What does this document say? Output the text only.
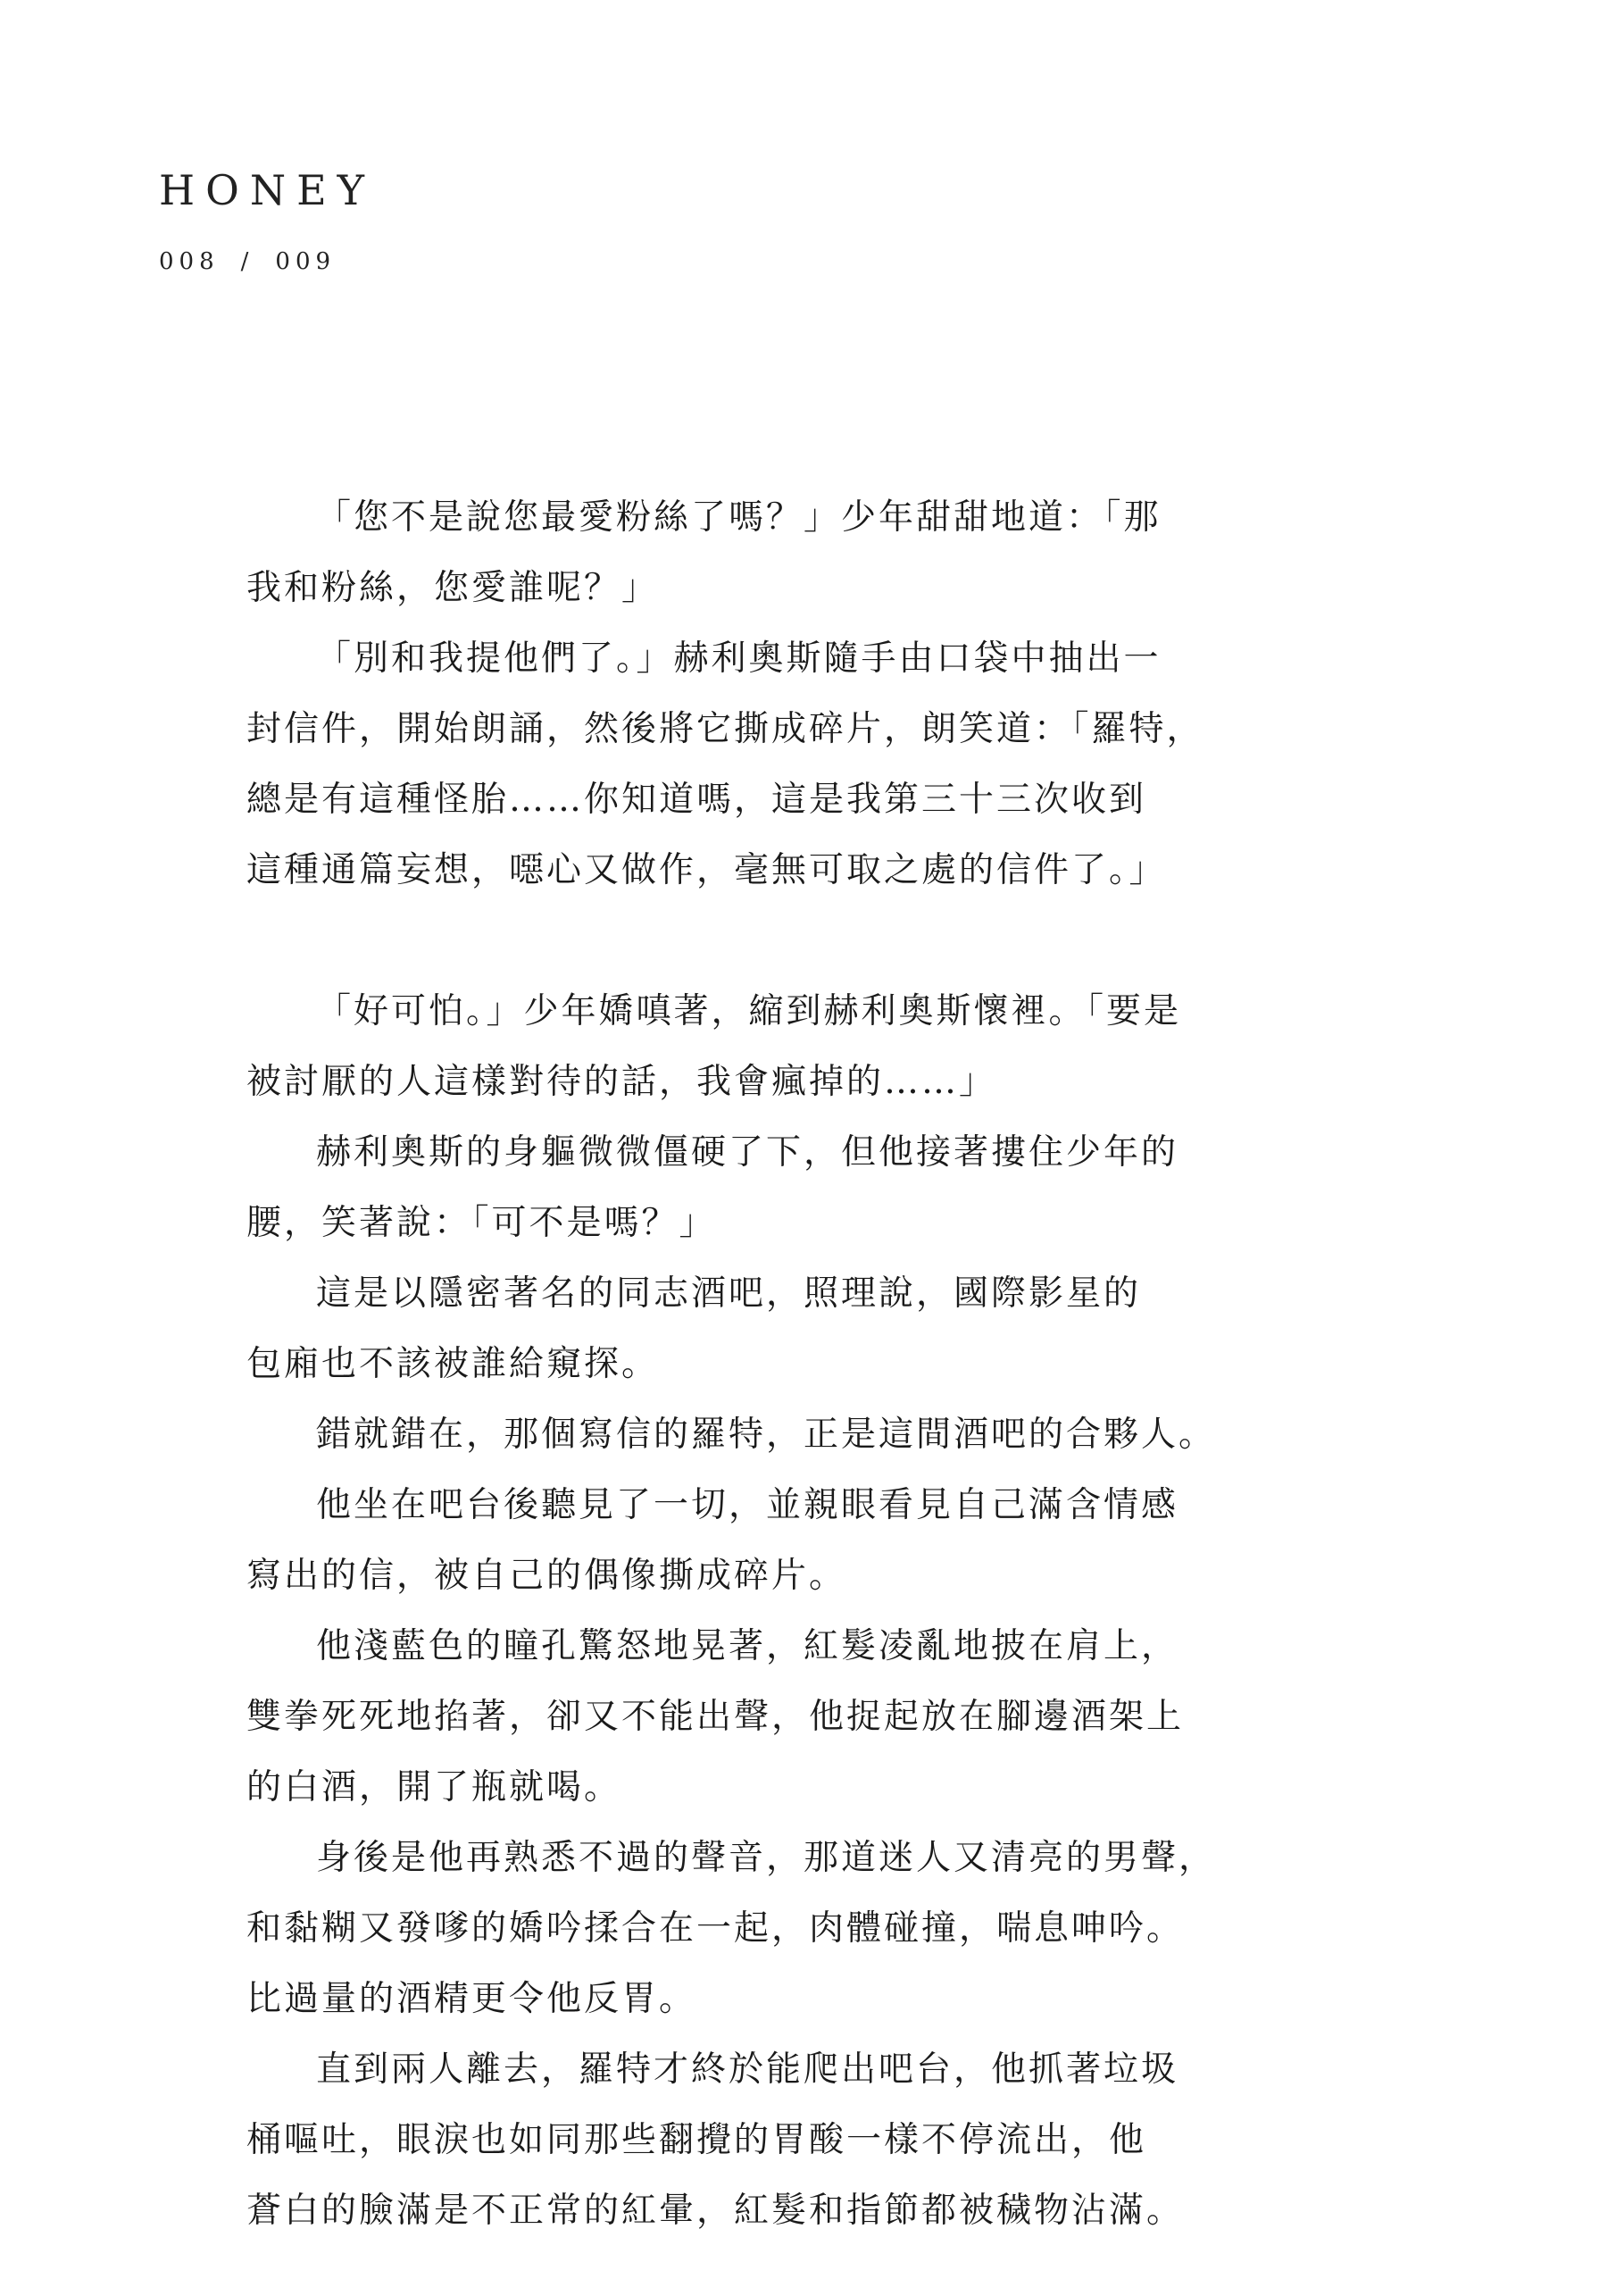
HONEY
008 / 009

「您不是說您最愛粉絲了嗎？」少年甜甜地道：「那
我和粉絲，您愛誰呢？」

「別和我提他們了。」赫利奧斯隨手由口袋中抽出一
封信件，開始朗誦，然後將它撕成碎片，朗笑道：「羅特，
總是有這種怪胎……你知道嗎，這是我第三十三次收到
這種通篇妄想，噁心又做作，毫無可取之處的信件了。」

「好可怕。」少年嬌嗔著，縮到赫利奧斯懷裡。「要是
被討厭的人這樣對待的話，我會瘋掉的……」

赫利奧斯的身軀微微僵硬了下，但他接著摟住少年的
腰，笑著說：「可不是嗎？」

這是以隱密著名的同志酒吧，照理說，國際影星的
包廂也不該被誰給窺探。

錯就錯在，那個寫信的羅特，正是這間酒吧的合夥人。

他坐在吧台後聽見了一切，並親眼看見自己滿含情感
寫出的信，被自己的偶像撕成碎片。

他淺藍色的瞳孔驚怒地晃著，紅髮凌亂地披在肩上，
雙拳死死地掐著，卻又不能出聲，他捉起放在腳邊酒架上
的白酒，開了瓶就喝。

身後是他再熟悉不過的聲音，那道迷人又清亮的男聲，
和黏糊又發嗲的嬌吟揉合在一起，肉體碰撞，喘息呻吟。
比過量的酒精更令他反胃。

直到兩人離去，羅特才終於能爬出吧台，他抓著垃圾
桶嘔吐，眼淚也如同那些翻攪的胃酸一樣不停流出，他
蒼白的臉滿是不正常的紅暈，紅髮和指節都被穢物沾滿。
